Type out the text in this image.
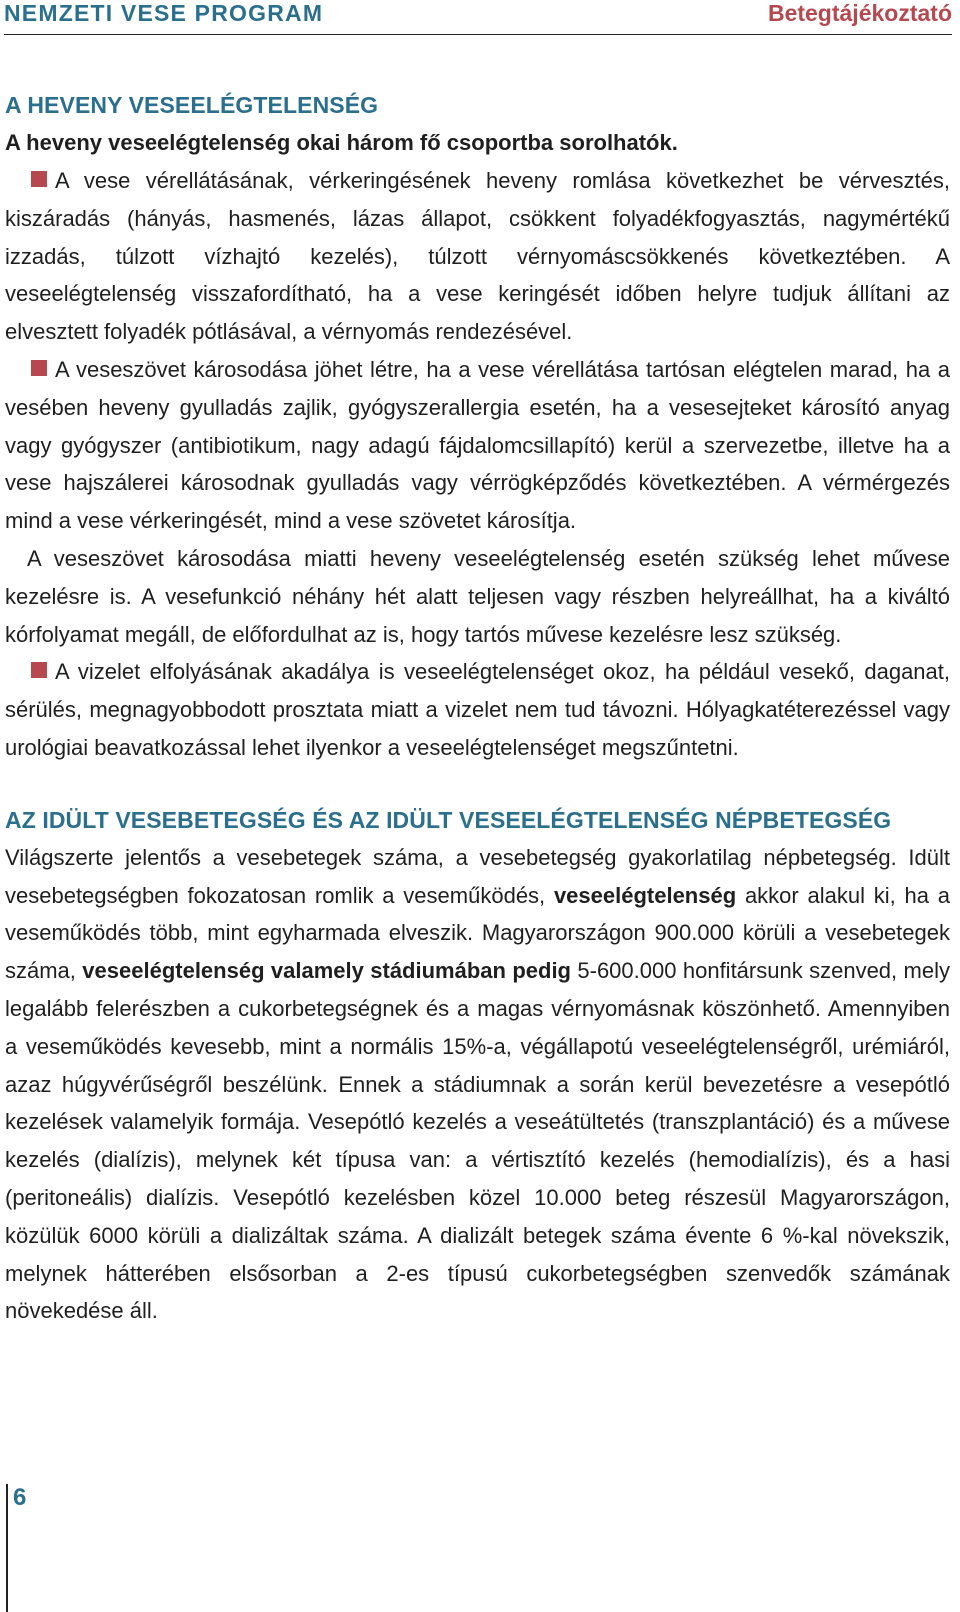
NEMZETI VESE PROGRAM	Betegtájékoztató
A HEVENY VESEELÉGTELENSÉG

A heveny veseelégtelenség okai három fő csoportba sorolhatók.

A vese vérellátásának, vérkeringésének heveny romlása következhet be vérvesztés, kiszáradás (hányás, hasmenés, lázas állapot, csökkent folyadékfogyasztás, nagymértékű izzadás, túlzott vízhajtó kezelés), túlzott vérnyomáscsökkenés következtében. A veseelégtelenség visszafordítható, ha a vese keringését időben helyre tudjuk állítani az elvesztett folyadék pótlásával, a vérnyomás rendezésével.

A veseszövet károsodása jöhet létre, ha a vese vérellátása tartósan elégtelen marad, ha a vesében heveny gyulladás zajlik, gyógyszerallergia esetén, ha a vesesejteket károsító anyag vagy gyógyszer (antibiotikum, nagy adagú fájdalomcsillapító) kerül a szervezetbe, illetve ha a vese hajszálerei károsodnak gyulladás vagy vérrögképződés következtében. A vérmérgezés mind a vese vérkeringését, mind a vese szövetet károsítja.

A veseszövet károsodása miatti heveny veseelégtelenség esetén szükség lehet művese kezelésre is. A vesefunkció néhány hét alatt teljesen vagy részben helyreállhat, ha a kiváltó kórfolyamat megáll, de előfordulhat az is, hogy tartós művese kezelésre lesz szükség.

A vizelet elfolyásának akadálya is veseelégtelenséget okoz, ha például vesekő, daganat, sérülés, megnagyobbodott prosztata miatt a vizelet nem tud távozni. Hólyagkatéterezéssel vagy urológiai beavatkozással lehet ilyenkor a veseelégtelenséget megszűntetni.

AZ IDÜLT VESEBETEGSÉG ÉS AZ IDÜLT VESEELÉGTELENSÉG NÉPBETEGSÉG

Világszerte jelentős a vesebetegek száma, a vesebetegség gyakorlatilag népbetegség. Idült vesebetegségben fokozatosan romlik a veseműködés, veseelégtelenség akkor alakul ki, ha a veseműködés több, mint egyharmada elveszik. Magyarországon 900.000 körüli a vesebetegek száma, veseelégtelenség valamely stádiumában pedig 5-600.000 honfitársunk szenved, mely legalább felerészben a cukorbetegségnek és a magas vérnyomásnak köszönhető. Amennyiben a veseműködés kevesebb, mint a normális 15%-a, végállapotú veseelégtelenségről, urémiáról, azaz húgyvérűségről beszélünk. Ennek a stádiumnak a során kerül bevezetésre a vesepótló kezelések valamelyik formája. Vesepótló kezelés a veseátültetés (transzplantáció) és a művese kezelés (dialízis), melynek két típusa van: a vértisztító kezelés (hemodialízis), és a hasi (peritoneális) dialízis. Vesepótló kezelésben közel 10.000 beteg részesül Magyarországon, közülük 6000 körüli a dializáltak száma. A dializált betegek száma évente 6 %-kal növekszik, melynek hátterében elsősorban a 2-es típusú cukorbetegségben szenvedők számának növekedése áll.

6
